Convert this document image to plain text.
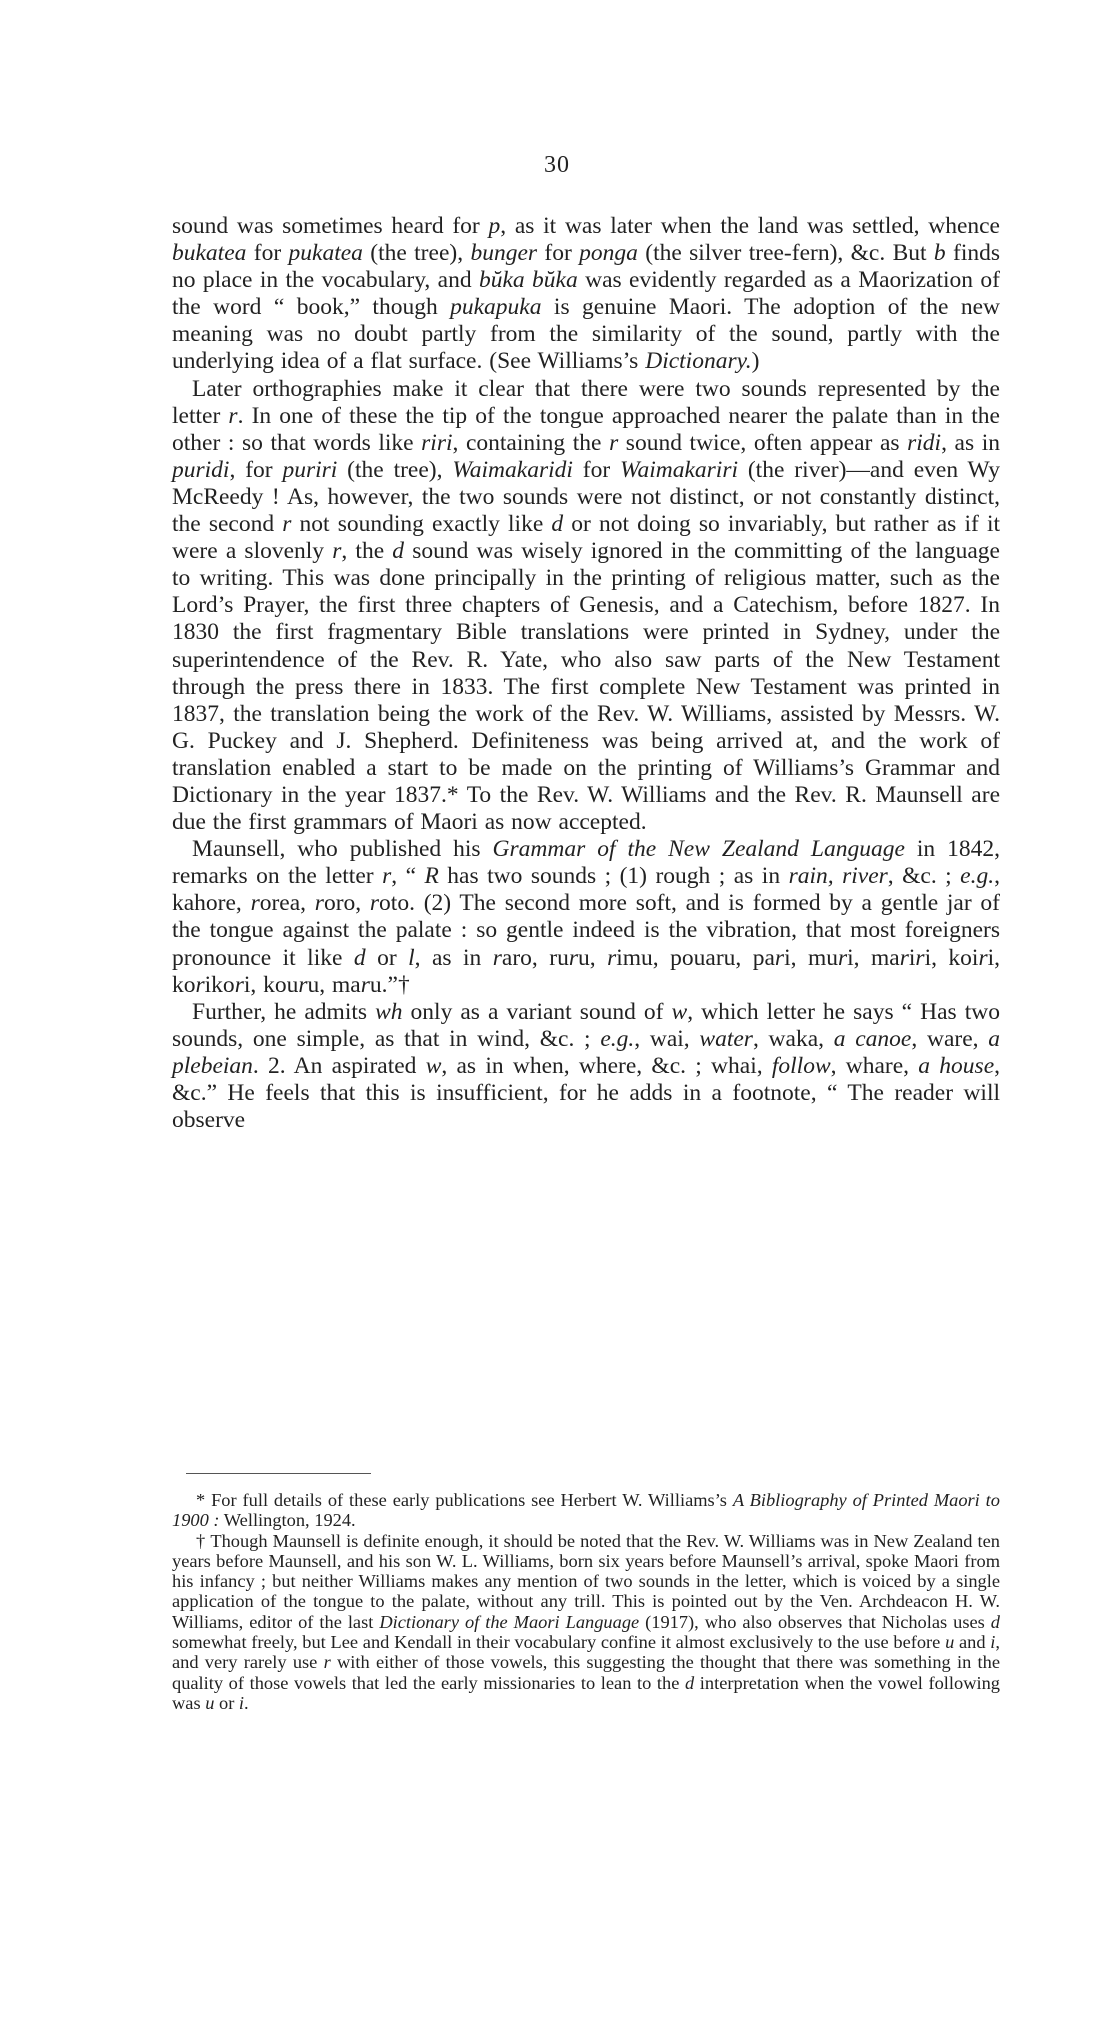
30

sound was sometimes heard for p, as it was later when the land was settled, whence bukatea for pukatea (the tree), bunger for ponga (the silver tree-fern), &c. But b finds no place in the vocabulary, and bŭka bŭka was evidently regarded as a Maorization of the word “ book,” though pukapuka is genuine Maori. The adoption of the new meaning was no doubt partly from the similarity of the sound, partly with the underlying idea of a flat surface. (See Williams’s Dictionary.)

Later orthographies make it clear that there were two sounds represented by the letter r. In one of these the tip of the tongue approached nearer the palate than in the other : so that words like riri, containing the r sound twice, often appear as ridi, as in puridi, for puriri (the tree), Waimakaridi for Waimakariri (the river)—and even Wy McReedy ! As, however, the two sounds were not distinct, or not constantly distinct, the second r not sounding exactly like d or not doing so invariably, but rather as if it were a slovenly r, the d sound was wisely ignored in the committing of the language to writing. This was done principally in the printing of religious matter, such as the Lord’s Prayer, the first three chapters of Genesis, and a Catechism, before 1827. In 1830 the first fragmentary Bible translations were printed in Sydney, under the superintendence of the Rev. R. Yate, who also saw parts of the New Testament through the press there in 1833. The first complete New Testament was printed in 1837, the translation being the work of the Rev. W. Williams, assisted by Messrs. W. G. Puckey and J. Shepherd. Definiteness was being arrived at, and the work of translation enabled a start to be made on the printing of Williams’s Grammar and Dictionary in the year 1837.* To the Rev. W. Williams and the Rev. R. Maunsell are due the first grammars of Maori as now accepted.

Maunsell, who published his Grammar of the New Zealand Language in 1842, remarks on the letter r, “ R has two sounds ; (1) rough ; as in rain, river, &c. ; e.g., kahore, rorea, roro, roto. (2) The second more soft, and is formed by a gentle jar of the tongue against the palate : so gentle indeed is the vibration, that most foreigners pronounce it like d or l, as in raro, ruru, rimu, pouaru, pari, muri, mariri, koiri, korikori, kouru, maru.”†

Further, he admits wh only as a variant sound of w, which letter he says “ Has two sounds, one simple, as that in wind, &c. ; e.g., wai, water, waka, a canoe, ware, a plebeian. 2. An aspirated w, as in when, where, &c. ; whai, follow, whare, a house, &c.” He feels that this is insufficient, for he adds in a footnote, “ The reader will observe

* For full details of these early publications see Herbert W. Williams’s A Bibliography of Printed Maori to 1900 : Wellington, 1924.

† Though Maunsell is definite enough, it should be noted that the Rev. W. Williams was in New Zealand ten years before Maunsell, and his son W. L. Williams, born six years before Maunsell’s arrival, spoke Maori from his infancy ; but neither Williams makes any mention of two sounds in the letter, which is voiced by a single application of the tongue to the palate, without any trill. This is pointed out by the Ven. Archdeacon H. W. Williams, editor of the last Dictionary of the Maori Language (1917), who also observes that Nicholas uses d somewhat freely, but Lee and Kendall in their vocabulary confine it almost exclusively to the use before u and i, and very rarely use r with either of those vowels, this suggesting the thought that there was something in the quality of those vowels that led the early missionaries to lean to the d interpretation when the vowel following was u or i.
